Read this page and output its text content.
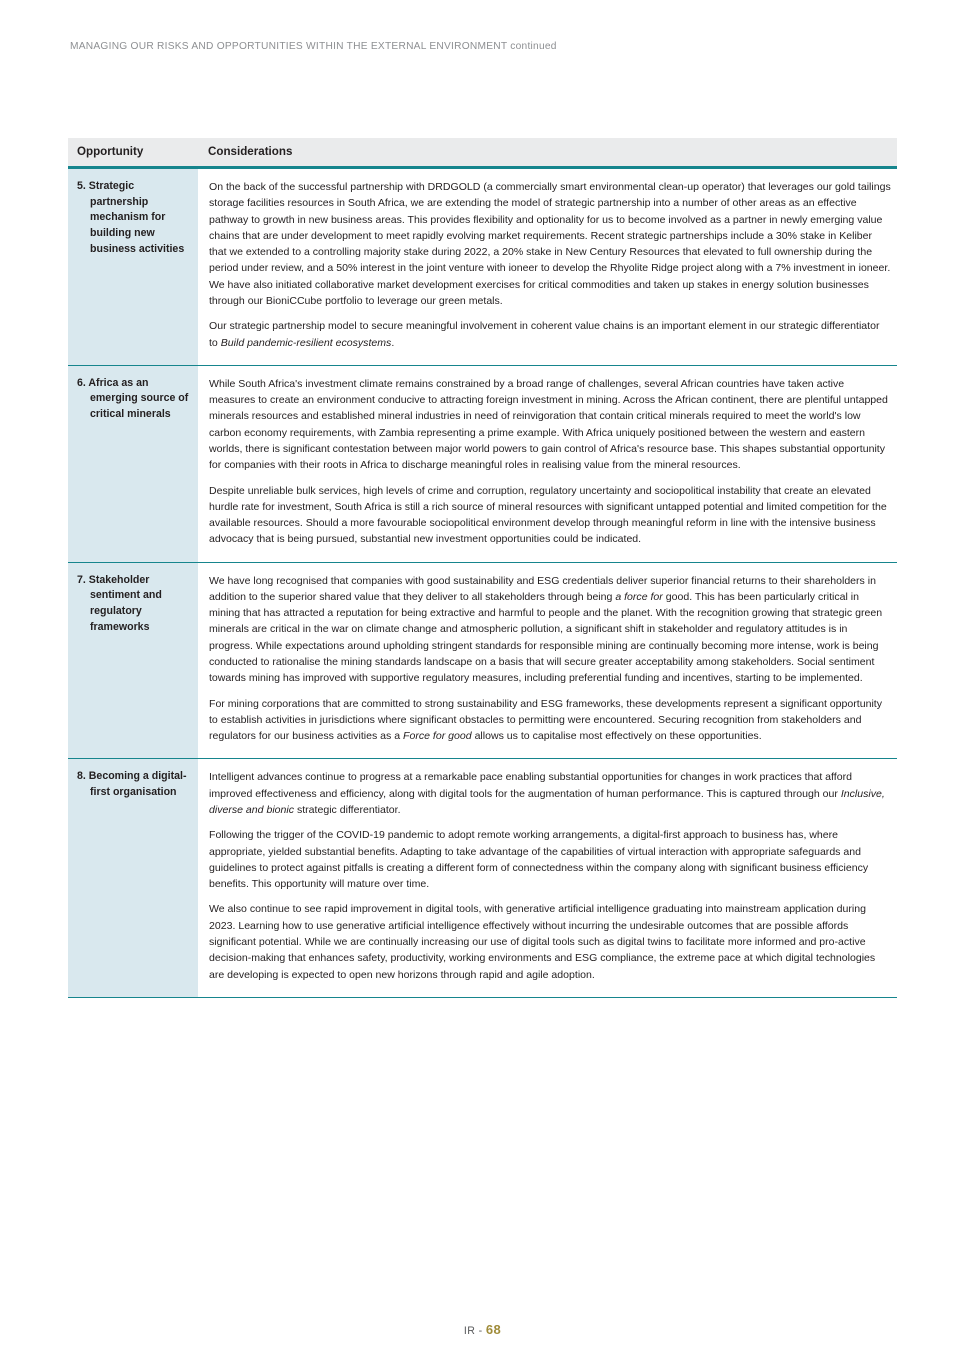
MANAGING OUR RISKS AND OPPORTUNITIES WITHIN THE EXTERNAL ENVIRONMENT continued
Opportunity	Considerations

5. Strategic partnership mechanism for building new business activities	On the back of the successful partnership with DRDGOLD (a commercially smart environmental clean-up operator) that leverages our gold tailings storage facilities resources in South Africa, we are extending the model of strategic partnership into a number of other areas as an effective pathway to growth in new business areas. This provides flexibility and optionality for us to become involved as a partner in newly emerging value chains that are under development to meet rapidly evolving market requirements. Recent strategic partnerships include a 30% stake in Keliber that we extended to a controlling majority stake during 2022, a 20% stake in New Century Resources that elevated to full ownership during the period under review, and a 50% interest in the joint venture with ioneer to develop the Rhyolite Ridge project along with a 7% investment in ioneer. We have also initiated collaborative market development exercises for critical commodities and taken up stakes in energy solution businesses through our BioniCCube portfolio to leverage our green metals.

Our strategic partnership model to secure meaningful involvement in coherent value chains is an important element in our strategic differentiator to Build pandemic-resilient ecosystems.

6. Africa as an emerging source of critical minerals	While South Africa's investment climate remains constrained by a broad range of challenges, several African countries have taken active measures to create an environment conducive to attracting foreign investment in mining. Across the African continent, there are plentiful untapped minerals resources and established mineral industries in need of reinvigoration that contain critical minerals required to meet the world's low carbon economy requirements, with Zambia representing a prime example. With Africa uniquely positioned between the western and eastern worlds, there is significant contestation between major world powers to gain control of Africa's resource base. This shapes substantial opportunity for companies with their roots in Africa to discharge meaningful roles in realising value from the mineral resources.

Despite unreliable bulk services, high levels of crime and corruption, regulatory uncertainty and sociopolitical instability that create an elevated hurdle rate for investment, South Africa is still a rich source of mineral resources with significant untapped potential and limited competition for the available resources. Should a more favourable sociopolitical environment develop through meaningful reform in line with the intensive business advocacy that is being pursued, substantial new investment opportunities could be indicated.

7. Stakeholder sentiment and regulatory frameworks	We have long recognised that companies with good sustainability and ESG credentials deliver superior financial returns to their shareholders in addition to the superior shared value that they deliver to all stakeholders through being a force for good. This has been particularly critical in mining that has attracted a reputation for being extractive and harmful to people and the planet. With the recognition growing that strategic green minerals are critical in the war on climate change and atmospheric pollution, a significant shift in stakeholder and regulatory attitudes is in progress. While expectations around upholding stringent standards for responsible mining are continually becoming more intense, work is being conducted to rationalise the mining standards landscape on a basis that will secure greater acceptability among stakeholders. Social sentiment towards mining has improved with supportive regulatory measures, including preferential funding and incentives, starting to be implemented.

For mining corporations that are committed to strong sustainability and ESG frameworks, these developments represent a significant opportunity to establish activities in jurisdictions where significant obstacles to permitting were encountered. Securing recognition from stakeholders and regulators for our business activities as a Force for good allows us to capitalise most effectively on these opportunities.

8. Becoming a digital-first organisation	Intelligent advances continue to progress at a remarkable pace enabling substantial opportunities for changes in work practices that afford improved effectiveness and efficiency, along with digital tools for the augmentation of human performance. This is captured through our Inclusive, diverse and bionic strategic differentiator.

Following the trigger of the COVID-19 pandemic to adopt remote working arrangements, a digital-first approach to business has, where appropriate, yielded substantial benefits. Adapting to take advantage of the capabilities of virtual interaction with appropriate safeguards and guidelines to protect against pitfalls is creating a different form of connectedness within the company along with significant business efficiency benefits. This opportunity will mature over time.

We also continue to see rapid improvement in digital tools, with generative artificial intelligence graduating into mainstream application during 2023. Learning how to use generative artificial intelligence effectively without incurring the undesirable outcomes that are possible affords significant potential. While we are continually increasing our use of digital tools such as digital twins to facilitate more informed and pro-active decision-making that enhances safety, productivity, working environments and ESG compliance, the extreme pace at which digital technologies are developing is expected to open new horizons through rapid and agile adoption.

IR - 68
